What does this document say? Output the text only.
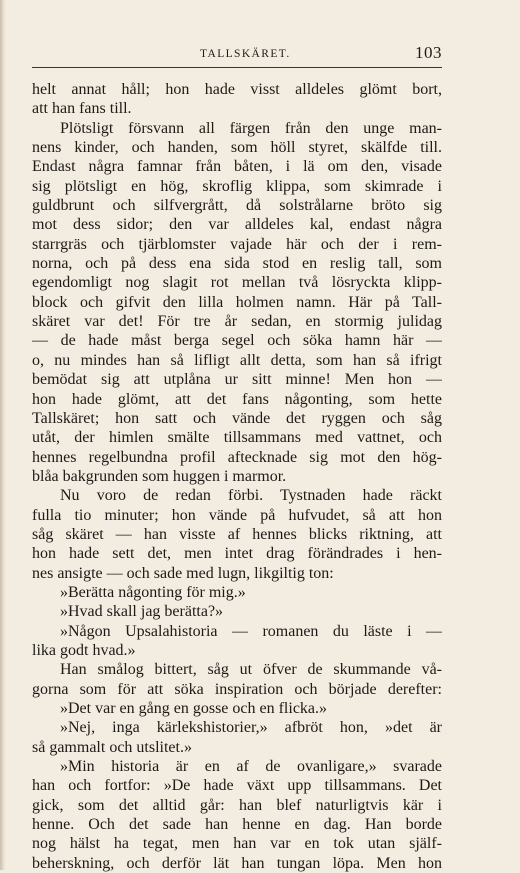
TALLSKÄRET.	103
helt annat håll; hon hade visst alldeles glömt bort,
att han fans till.
Plötsligt försvann all färgen från den unge man-
nens kinder, och handen, som höll styret, skälfde till.
Endast några famnar från båten, i lä om den, visade
sig plötsligt en hög, skroflig klippa, som skimrade i
guldbrunt och silfvergrått, då solstrålarne bröto sig
mot dess sidor; den var alldeles kal, endast några
starrgräs och tjärblomster vajade här och der i rem-
norna, och på dess ena sida stod en reslig tall, som
egendomligt nog slagit rot mellan två lösryckta klipp-
block och gifvit den lilla holmen namn. Här på Tall-
skäret var det! För tre år sedan, en stormig julidag
— de hade måst berga segel och söka hamn här —
o, nu mindes han så lifligt allt detta, som han så ifrigt
bemödat sig att utplåna ur sitt minne! Men hon —
hon hade glömt, att det fans någonting, som hette
Tallskäret; hon satt och vände det ryggen och såg
utåt, der himlen smälte tillsammans med vattnet, och
hennes regelbundna profil aftecknade sig mot den hög-
blåa bakgrunden som huggen i marmor.
Nu voro de redan förbi. Tystnaden hade räckt
fulla tio minuter; hon vände på hufvudet, så att hon
såg skäret — han visste af hennes blicks riktning, att
hon hade sett det, men intet drag förändrades i hen-
nes ansigte — och sade med lugn, likgiltig ton:
»Berätta någonting för mig.»
»Hvad skall jag berätta?»
»Någon Upsalahistoria — romanen du läste i —
lika godt hvad.»
Han smålog bittert, såg ut öfver de skummande vå-
gorna som för att söka inspiration och började derefter:
»Det var en gång en gosse och en flicka.»
»Nej, inga kärlekshistorier,» afbröt hon, »det är
så gammalt och utslitet.»
»Min historia är en af de ovanligare,» svarade
han och fortfor: »De hade växt upp tillsammans. Det
gick, som det alltid går: han blef naturligtvis kär i
henne. Och det sade han henne en dag. Han borde
nog hälst ha tegat, men han var en tok utan själf-
beherskning, och derför lät han tungan löpa. Men hon
